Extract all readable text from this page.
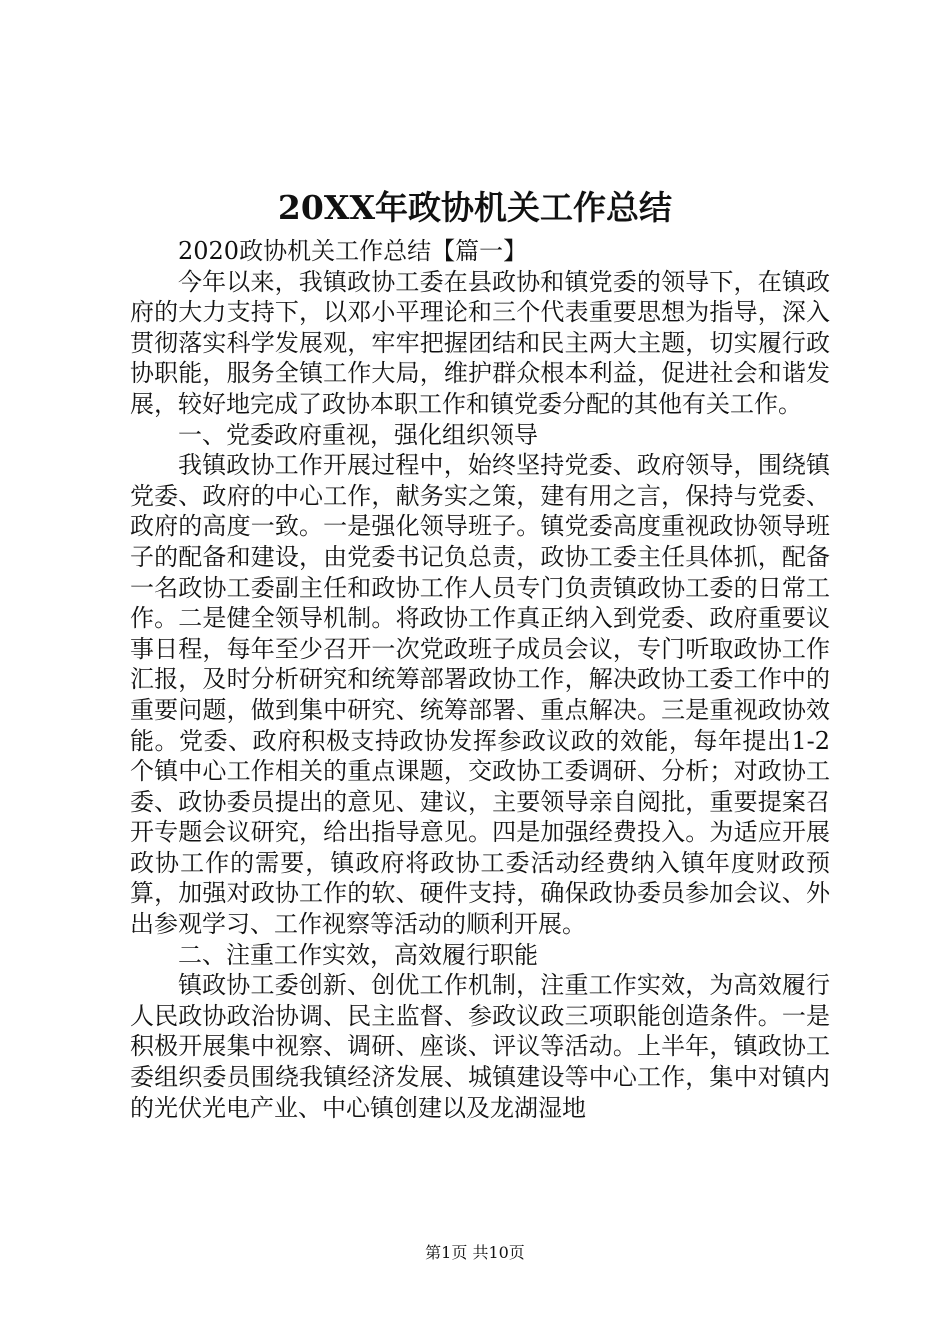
20XX年政协机关工作总结

2020政协机关工作总结【篇一】

今年以来，我镇政协工委在县政协和镇党委的领导下，在镇政府的大力支持下，以邓小平理论和三个代表重要思想为指导，深入贯彻落实科学发展观，牢牢把握团结和民主两大主题，切实履行政协职能，服务全镇工作大局，维护群众根本利益，促进社会和谐发展，较好地完成了政协本职工作和镇党委分配的其他有关工作。

一、党委政府重视，强化组织领导

我镇政协工作开展过程中，始终坚持党委、政府领导，围绕镇党委、政府的中心工作，献务实之策，建有用之言，保持与党委、政府的高度一致。一是强化领导班子。镇党委高度重视政协领导班子的配备和建设，由党委书记负总责，政协工委主任具体抓，配备一名政协工委副主任和政协工作人员专门负责镇政协工委的日常工作。二是健全领导机制。将政协工作真正纳入到党委、政府重要议事日程，每年至少召开一次党政班子成员会议，专门听取政协工作汇报，及时分析研究和统筹部署政协工作，解决政协工委工作中的重要问题，做到集中研究、统筹部署、重点解决。三是重视政协效能。党委、政府积极支持政协发挥参政议政的效能，每年提出1-2个镇中心工作相关的重点课题，交政协工委调研、分析；对政协工委、政协委员提出的意见、建议，主要领导亲自阅批，重要提案召开专题会议研究，给出指导意见。四是加强经费投入。为适应开展政协工作的需要，镇政府将政协工委活动经费纳入镇年度财政预算，加强对政协工作的软、硬件支持，确保政协委员参加会议、外出参观学习、工作视察等活动的顺利开展。

二、注重工作实效，高效履行职能

镇政协工委创新、创优工作机制，注重工作实效，为高效履行人民政协政治协调、民主监督、参政议政三项职能创造条件。一是积极开展集中视察、调研、座谈、评议等活动。上半年，镇政协工委组织委员围绕我镇经济发展、城镇建设等中心工作，集中对镇内的光伏光电产业、中心镇创建以及龙湖湿地

第1页 共10页
